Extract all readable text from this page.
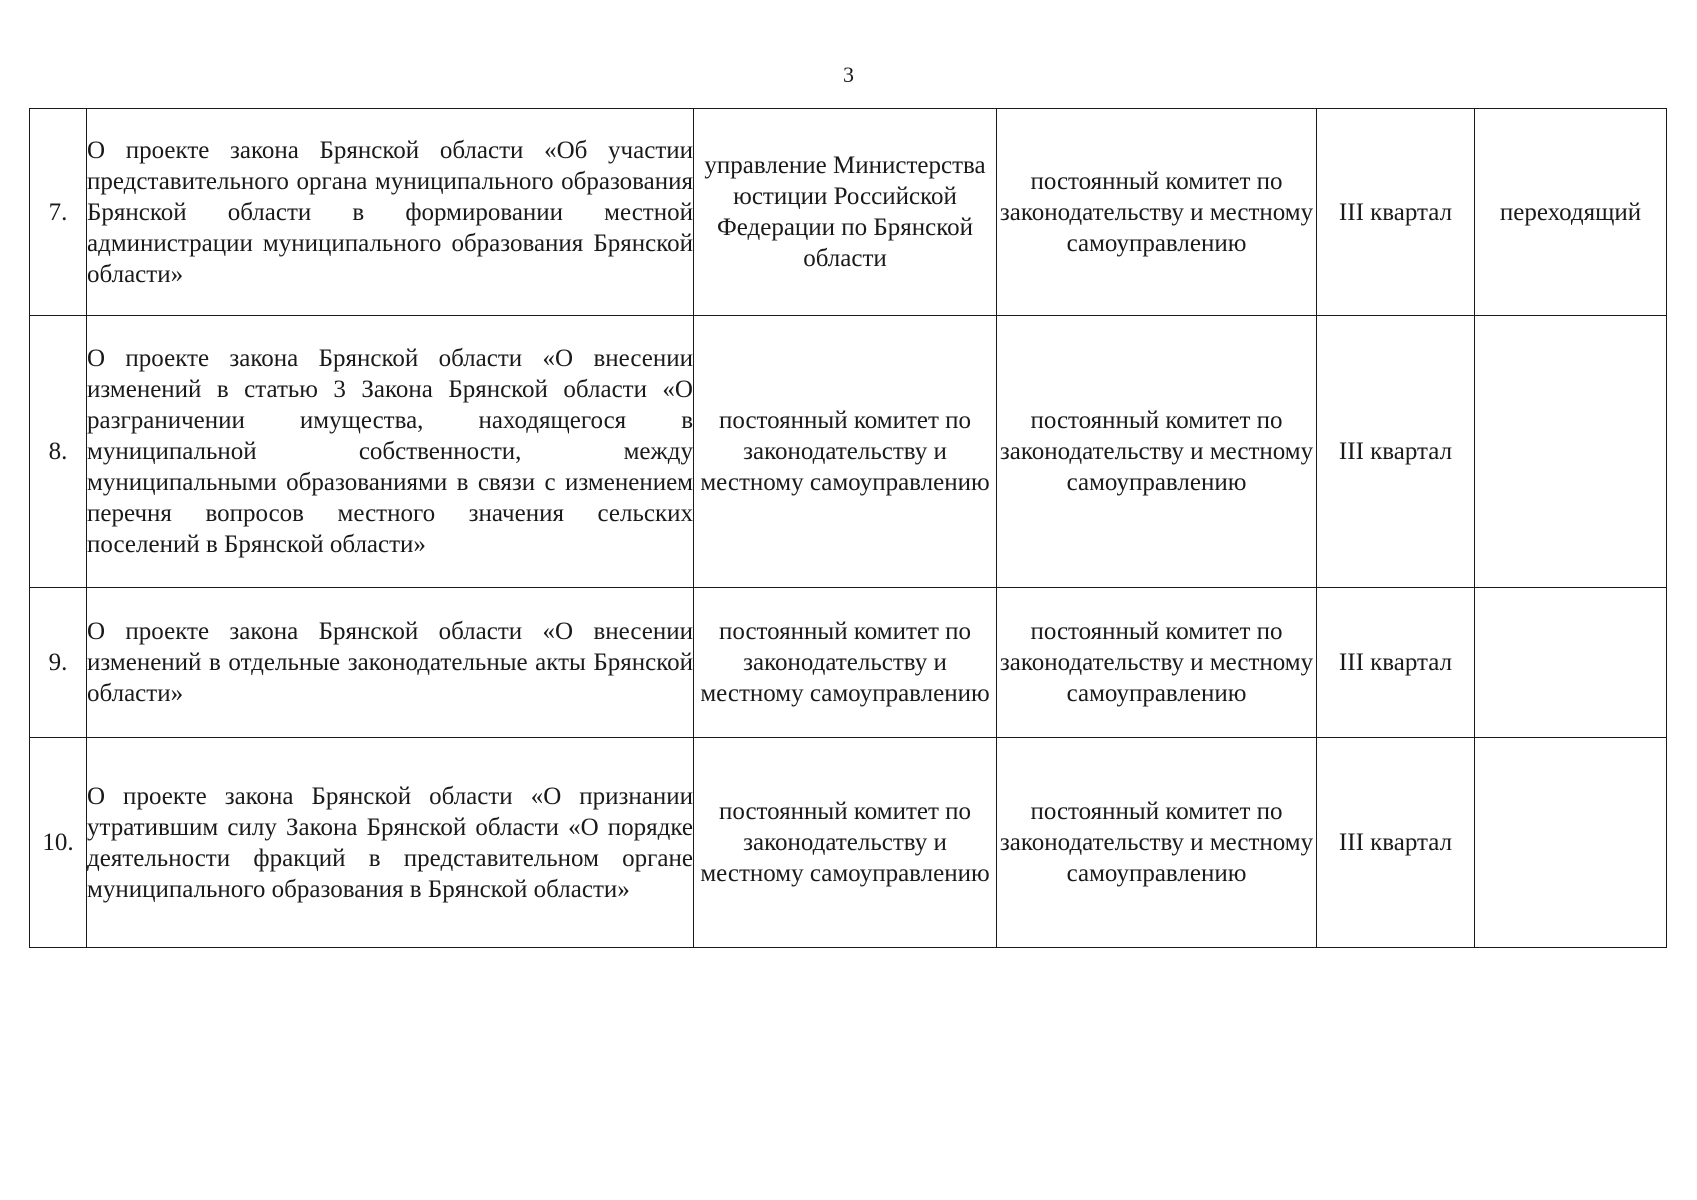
3
7.	О проекте закона Брянской области «Об участии представительного органа муниципального образования Брянской области в формировании местной администрации муниципального образования Брянской области»	управление Министерства юстиции Российской Федерации по Брянской области	постоянный комитет по законодательству и местному самоуправлению	III квартал	переходящий
8.	О проекте закона Брянской области «О внесении изменений в статью 3 Закона Брянской области «О разграничении имущества, находящегося в муниципальной собственности, между муниципальными образованиями в связи с изменением перечня вопросов местного значения сельских поселений в Брянской области»	постоянный комитет по законодательству и местному самоуправлению	постоянный комитет по законодательству и местному самоуправлению	III квартал	
9.	О проекте закона Брянской области «О внесении изменений в отдельные законодательные акты Брянской области»	постоянный комитет по законодательству и местному самоуправлению	постоянный комитет по законодательству и местному самоуправлению	III квартал	
10.	О проекте закона Брянской области «О признании утратившим силу Закона Брянской области «О порядке деятельности фракций в представительном органе муниципального образования в Брянской области»	постоянный комитет по законодательству и местному самоуправлению	постоянный комитет по законодательству и местному самоуправлению	III квартал	
